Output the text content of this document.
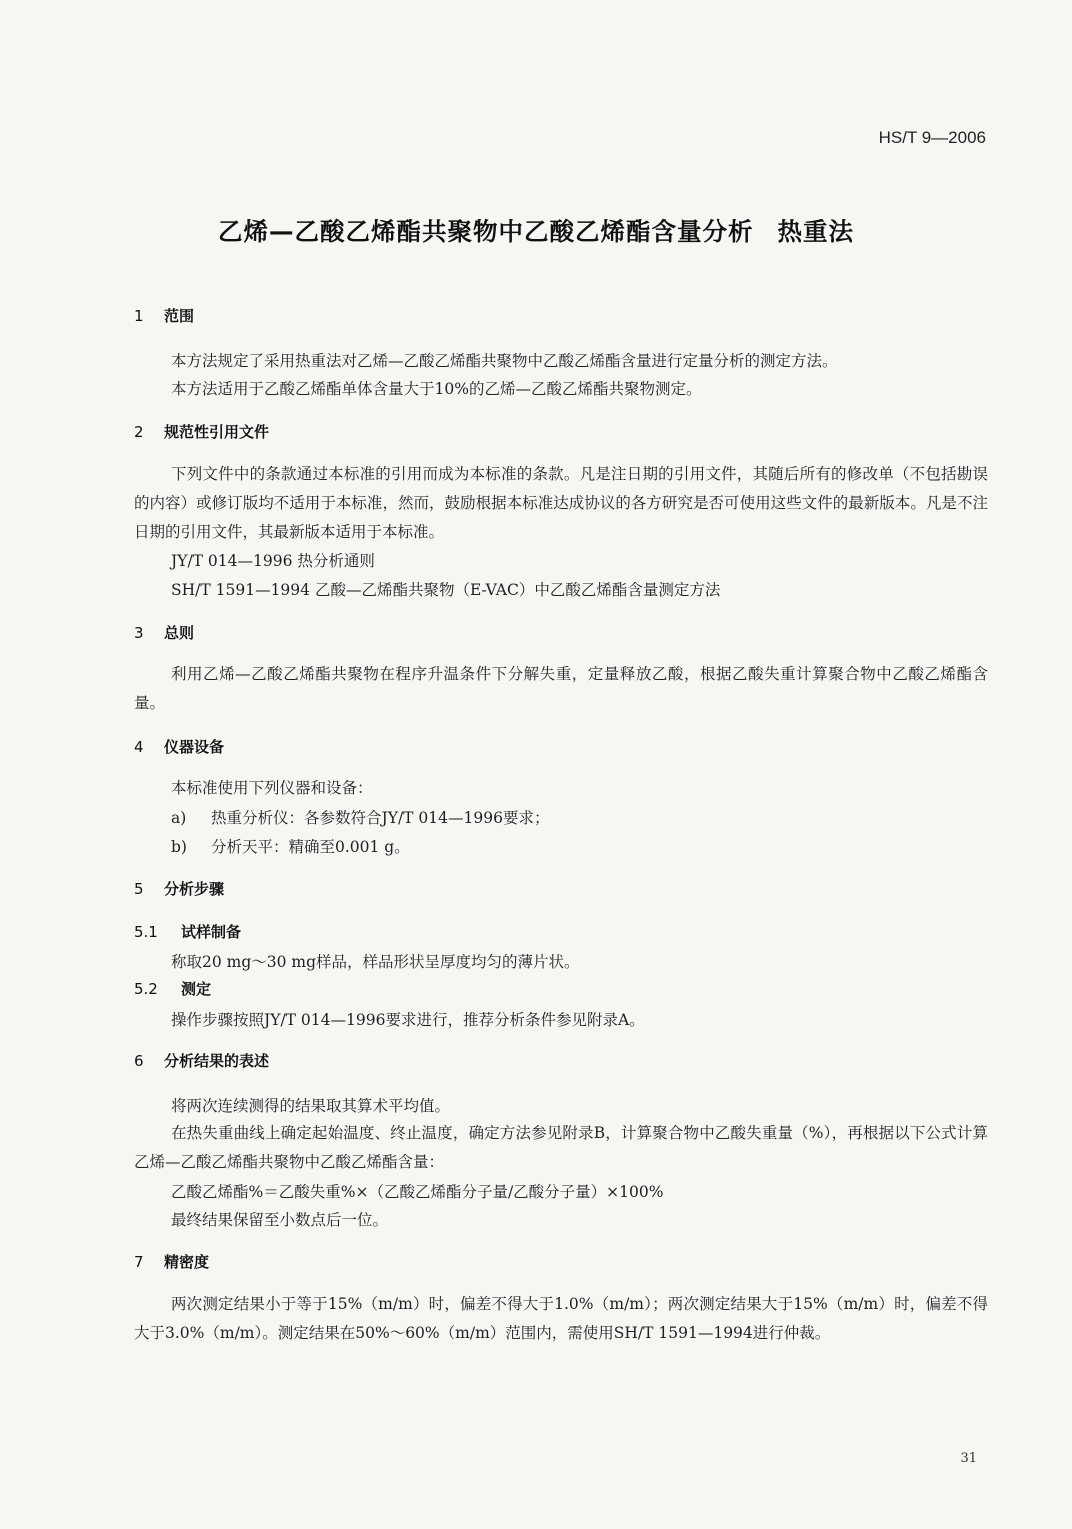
HS/T 9—2006
乙烯—乙酸乙烯酯共聚物中乙酸乙烯酯含量分析 热重法
1 范围
本方法规定了采用热重法对乙烯—乙酸乙烯酯共聚物中乙酸乙烯酯含量进行定量分析的测定方法。
本方法适用于乙酸乙烯酯单体含量大于10%的乙烯—乙酸乙烯酯共聚物测定。
2 规范性引用文件
下列文件中的条款通过本标准的引用而成为本标准的条款。凡是注日期的引用文件，其随后所有的修改单（不包括勘误的内容）或修订版均不适用于本标准，然而，鼓励根据本标准达成协议的各方研究是否可使用这些文件的最新版本。凡是不注日期的引用文件，其最新版本适用于本标准。
JY/T 014—1996 热分析通则
SH/T 1591—1994 乙酸—乙烯酯共聚物（E-VAC）中乙酸乙烯酯含量测定方法
3 总则
利用乙烯—乙酸乙烯酯共聚物在程序升温条件下分解失重，定量释放乙酸，根据乙酸失重计算聚合物中乙酸乙烯酯含量。
4 仪器设备
本标准使用下列仪器和设备：
a) 热重分析仪：各参数符合JY/T 014—1996要求；
b) 分析天平：精确至0.001 g。
5 分析步骤
5.1 试样制备
称取20 mg～30 mg样品，样品形状呈厚度均匀的薄片状。
5.2 测定
操作步骤按照JY/T 014—1996要求进行，推荐分析条件参见附录A。
6 分析结果的表述
将两次连续测得的结果取其算术平均值。
在热失重曲线上确定起始温度、终止温度，确定方法参见附录B，计算聚合物中乙酸失重量（%），再根据以下公式计算乙烯—乙酸乙烯酯共聚物中乙酸乙烯酯含量：
乙酸乙烯酯%＝乙酸失重%×（乙酸乙烯酯分子量/乙酸分子量）×100%
最终结果保留至小数点后一位。
7 精密度
两次测定结果小于等于15%（m/m）时，偏差不得大于1.0%（m/m）；两次测定结果大于15%（m/m）时，偏差不得大于3.0%（m/m）。测定结果在50%～60%（m/m）范围内，需使用SH/T 1591—1994进行仲裁。
31
